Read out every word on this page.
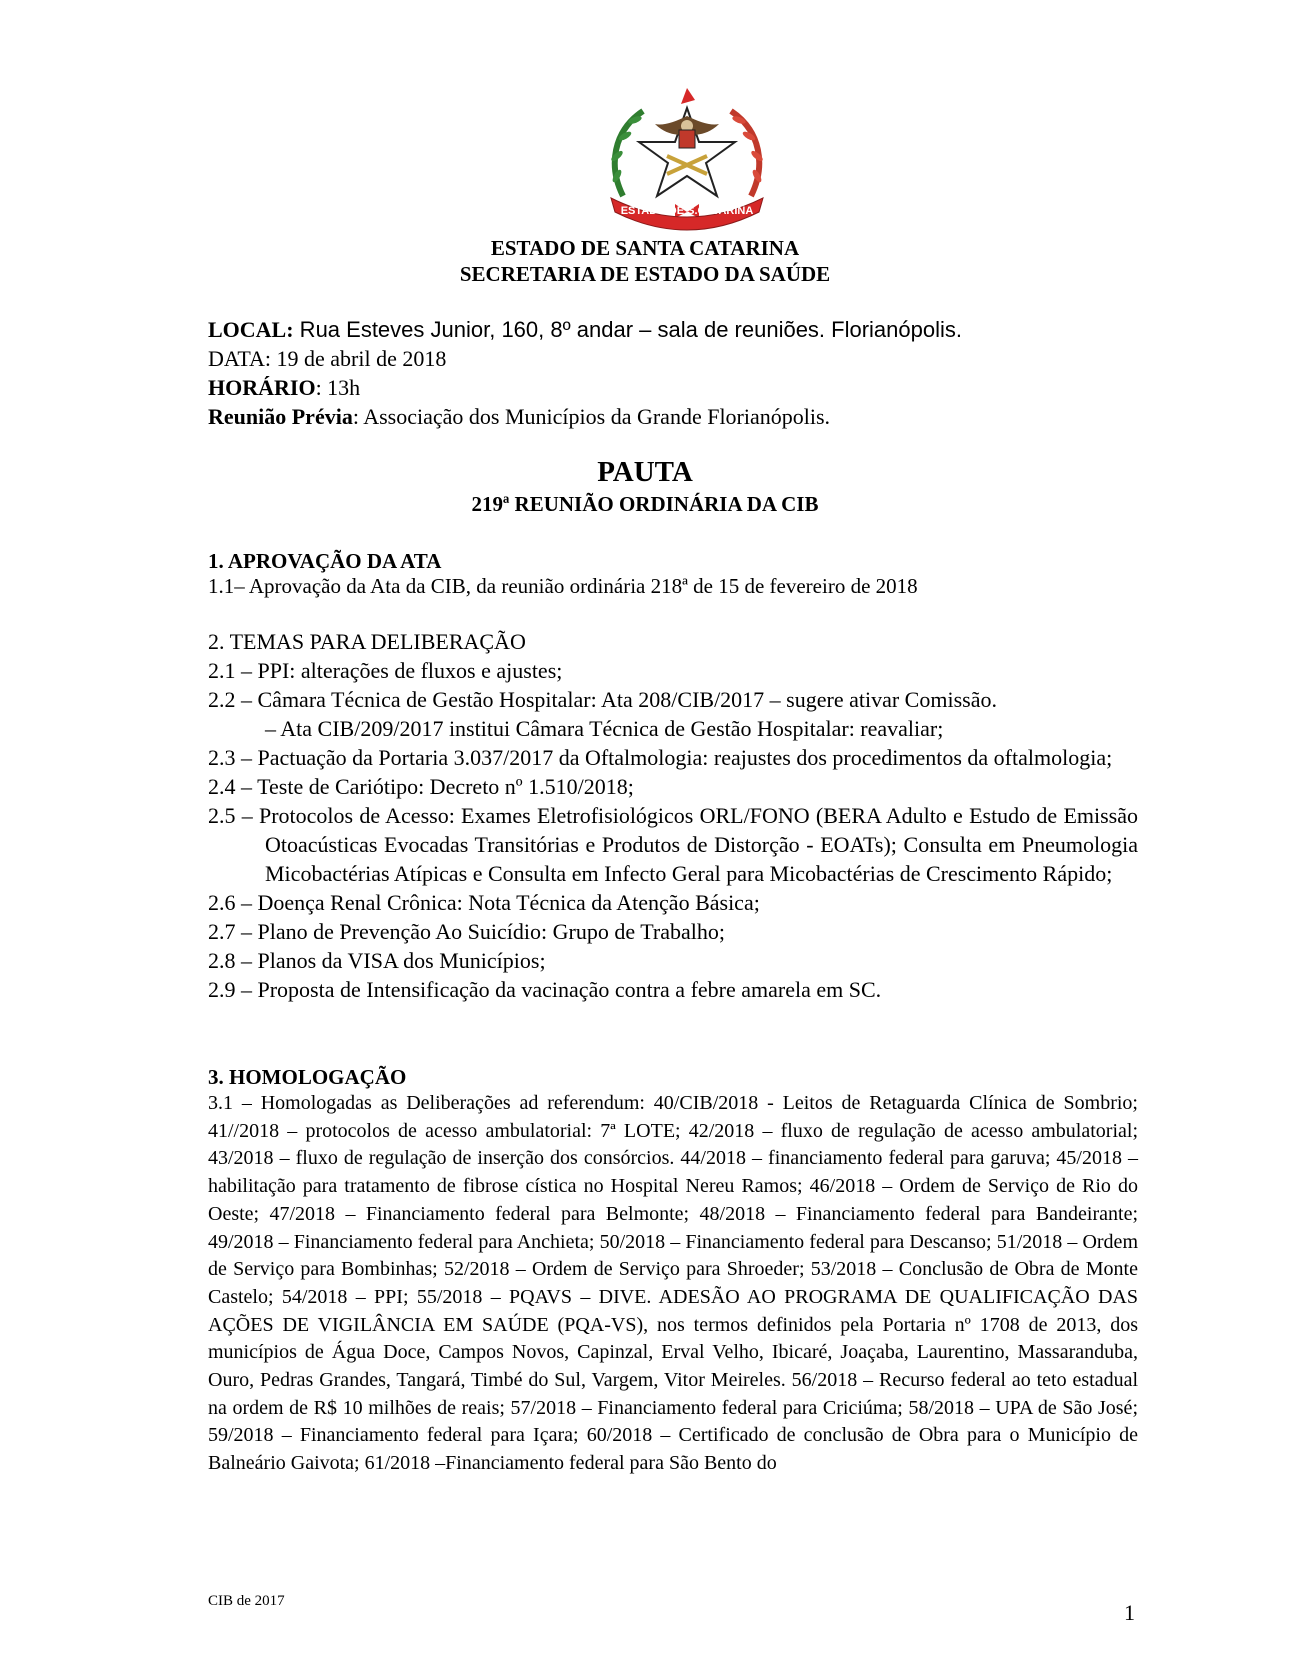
ESTADO DE S.CATARINA
ESTADO DE SANTA CATARINA
SECRETARIA DE ESTADO DA SAÚDE
LOCAL: Rua Esteves Junior, 160, 8º andar – sala de reuniões. Florianópolis.
DATA: 19 de abril de 2018
HORÁRIO: 13h
Reunião Prévia: Associação dos Municípios da Grande Florianópolis.
PAUTA
219ª REUNIÃO ORDINÁRIA DA CIB
1. APROVAÇÃO DA ATA
1.1– Aprovação da Ata da CIB, da reunião ordinária 218ª de 15 de fevereiro de 2018
2. TEMAS PARA DELIBERAÇÃO
2.1 – PPI: alterações de fluxos e ajustes;
2.2 – Câmara Técnica de Gestão Hospitalar: Ata 208/CIB/2017 – sugere ativar Comissão.
– Ata CIB/209/2017 institui Câmara Técnica de Gestão Hospitalar: reavaliar;
2.3 – Pactuação da Portaria 3.037/2017 da Oftalmologia: reajustes dos procedimentos da oftalmologia;
2.4 – Teste de Cariótipo: Decreto nº 1.510/2018;
2.5 – Protocolos de Acesso: Exames Eletrofisiológicos ORL/FONO (BERA Adulto e Estudo de Emissão Otoacústicas Evocadas Transitórias e Produtos de Distorção - EOATs); Consulta em Pneumologia Micobactérias Atípicas e Consulta em Infecto Geral para Micobactérias de Crescimento Rápido;
2.6 – Doença Renal Crônica: Nota Técnica da Atenção Básica;
2.7 – Plano de Prevenção Ao Suicídio: Grupo de Trabalho;
2.8 – Planos da VISA dos Municípios;
2.9 – Proposta de Intensificação da vacinação contra a febre amarela em SC.
3. HOMOLOGAÇÃO
3.1 – Homologadas as Deliberações ad referendum: 40/CIB/2018 - Leitos de Retaguarda Clínica de Sombrio; 41//2018 – protocolos de acesso ambulatorial: 7ª LOTE; 42/2018 – fluxo de regulação de acesso ambulatorial; 43/2018 – fluxo de regulação de inserção dos consórcios. 44/2018 – financiamento federal para garuva; 45/2018 – habilitação para tratamento de fibrose cística no Hospital Nereu Ramos; 46/2018 – Ordem de Serviço de Rio do Oeste; 47/2018 – Financiamento federal para Belmonte; 48/2018 – Financiamento federal para Bandeirante; 49/2018 – Financiamento federal para Anchieta; 50/2018 – Financiamento federal para Descanso; 51/2018 – Ordem de Serviço para Bombinhas; 52/2018 – Ordem de Serviço para Shroeder; 53/2018 – Conclusão de Obra de Monte Castelo; 54/2018 – PPI; 55/2018 – PQAVS – DIVE. ADESÃO AO PROGRAMA DE QUALIFICAÇÃO DAS AÇÕES DE VIGILÂNCIA EM SAÚDE (PQA-VS), nos termos definidos pela Portaria nº 1708 de 2013, dos municípios de Água Doce, Campos Novos, Capinzal, Erval Velho, Ibicaré, Joaçaba, Laurentino, Massaranduba, Ouro, Pedras Grandes, Tangará, Timbé do Sul, Vargem, Vitor Meireles. 56/2018 – Recurso federal ao teto estadual na ordem de R$ 10 milhões de reais; 57/2018 – Financiamento federal para Criciúma; 58/2018 – UPA de São José; 59/2018 – Financiamento federal para Içara; 60/2018 – Certificado de conclusão de Obra para o Município de Balneário Gaivota; 61/2018 –Financiamento federal para São Bento do
CIB de 2017	1
